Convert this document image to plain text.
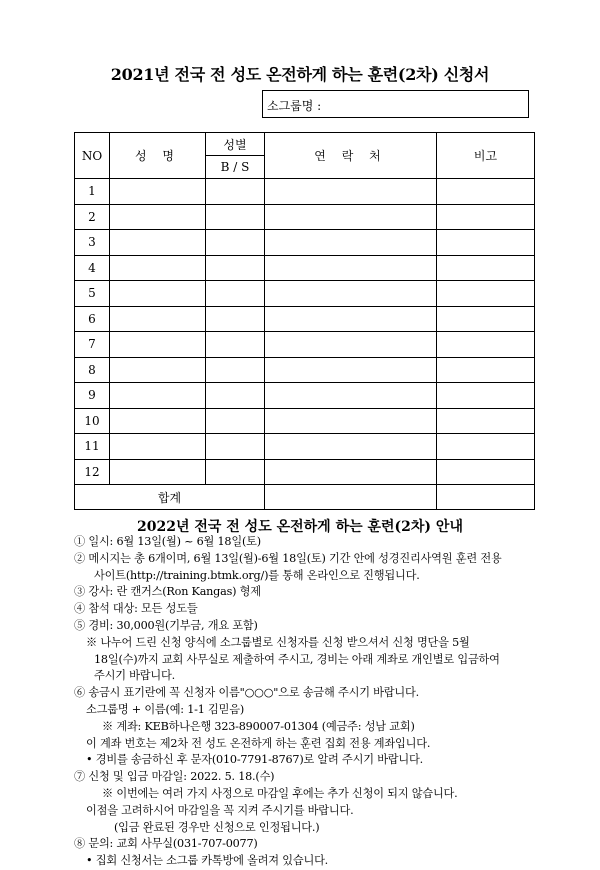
2021년 전국 전 성도 온전하게 하는 훈련(2차) 신청서
소그룹명 :
NO	성 명	성별	연 락 처	비고
		B / S		
1				
2				
3				
4				
5				
6				
7				
8				
9				
10				
11				
12				
합계				
2022년 전국 전 성도 온전하게 하는 훈련(2차) 안내
① 일시: 6월 13일(월) ~ 6월 18일(토)
② 메시지는 총 6개이며, 6월 13일(월)-6월 18일(토) 기간 안에 성경진리사역원 훈련 전용
사이트(http://training.btmk.org/)를 통해 온라인으로 진행됩니다.
③ 강사: 란 캔거스(Ron Kangas) 형제
④ 참석 대상: 모든 성도들
⑤ 경비: 30,000원(기부금, 개요 포함)
※ 나누어 드린 신청 양식에 소그룹별로 신청자를 신청 받으셔서 신청 명단을 5월
18일(수)까지 교회 사무실로 제출하여 주시고, 경비는 아래 계좌로 개인별로 입금하여
주시기 바랍니다.
⑥ 송금시 표기란에 꼭 신청자 이름"○○○"으로 송금해 주시기 바랍니다.
소그룹명 + 이름(예: 1-1 김믿음)
※ 계좌: KEB하나은행 323-890007-01304 (예금주: 성남 교회)
이 계좌 번호는 제2차 전 성도 온전하게 하는 훈련 집회 전용 계좌입니다.
• 경비를 송금하신 후 문자(010-7791-8767)로 알려 주시기 바랍니다.
⑦ 신청 및 입금 마감일: 2022. 5. 18.(수)
※ 이번에는 여러 가지 사정으로 마감일 후에는 추가 신청이 되지 않습니다.
이점을 고려하시어 마감일을 꼭 지켜 주시기를 바랍니다.
(입금 완료된 경우만 신청으로 인정됩니다.)
⑧ 문의: 교회 사무실(031-707-0077)
• 집회 신청서는 소그룹 카톡방에 올려져 있습니다.
